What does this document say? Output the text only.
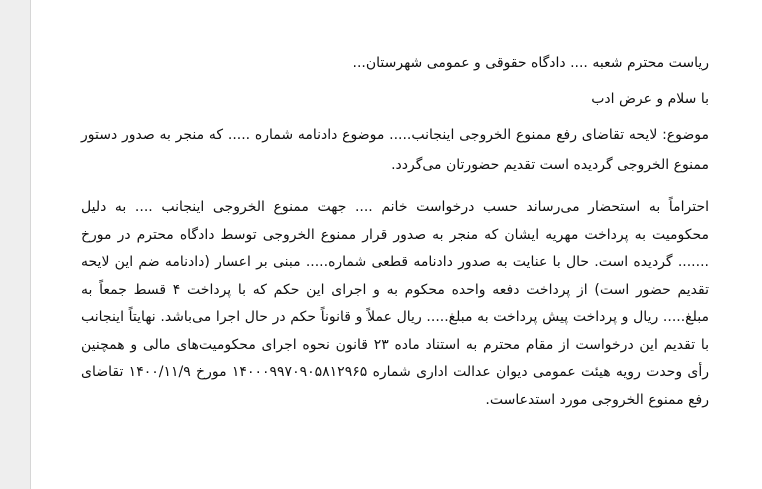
ریاست محترم شعبه .... دادگاه حقوقی و عمومی شهرستان...

با سلام و عرض ادب

موضوع: لایحه تقاضای رفع ممنوع الخروجی اینجانب..... موضوع دادنامه شماره ..... که منجر به صدور دستور ممنوع الخروجی گردیده است تقدیم حضورتان می‌گردد.

احتراماً به استحضار می‌رساند حسب درخواست خانم .... جهت ممنوع الخروجی اینجانب .... به دلیل محکومیت به پرداخت مهریه ایشان که منجر به صدور قرار ممنوع الخروجی توسط دادگاه محترم در مورخ ....... گردیده است. حال با عنایت به صدور دادنامه قطعی شماره..... مبنی بر اعسار (دادنامه ضم این لایحه تقدیم حضور است) از پرداخت دفعه واحده محکوم به و اجرای این حکم که با پرداخت ۴ قسط جمعاً به مبلغ..... ریال و پرداخت پیش پرداخت به مبلغ..... ریال عملاً و قانوناً حکم در حال اجرا می‌باشد. نهایتاً اینجانب با تقدیم این درخواست از مقام محترم به استناد ماده ۲۳ قانون نحوه اجرای محکومیت‌های مالی و همچنین رأی وحدت رویه هیئت عمومی دیوان عدالت اداری شماره ۱۴۰۰۰۹۹۷۰۹۰۵۸۱۲۹۶۵ مورخ ۱۴۰۰/۱۱/۹ تقاضای رفع ممنوع الخروجی مورد استدعاست.
